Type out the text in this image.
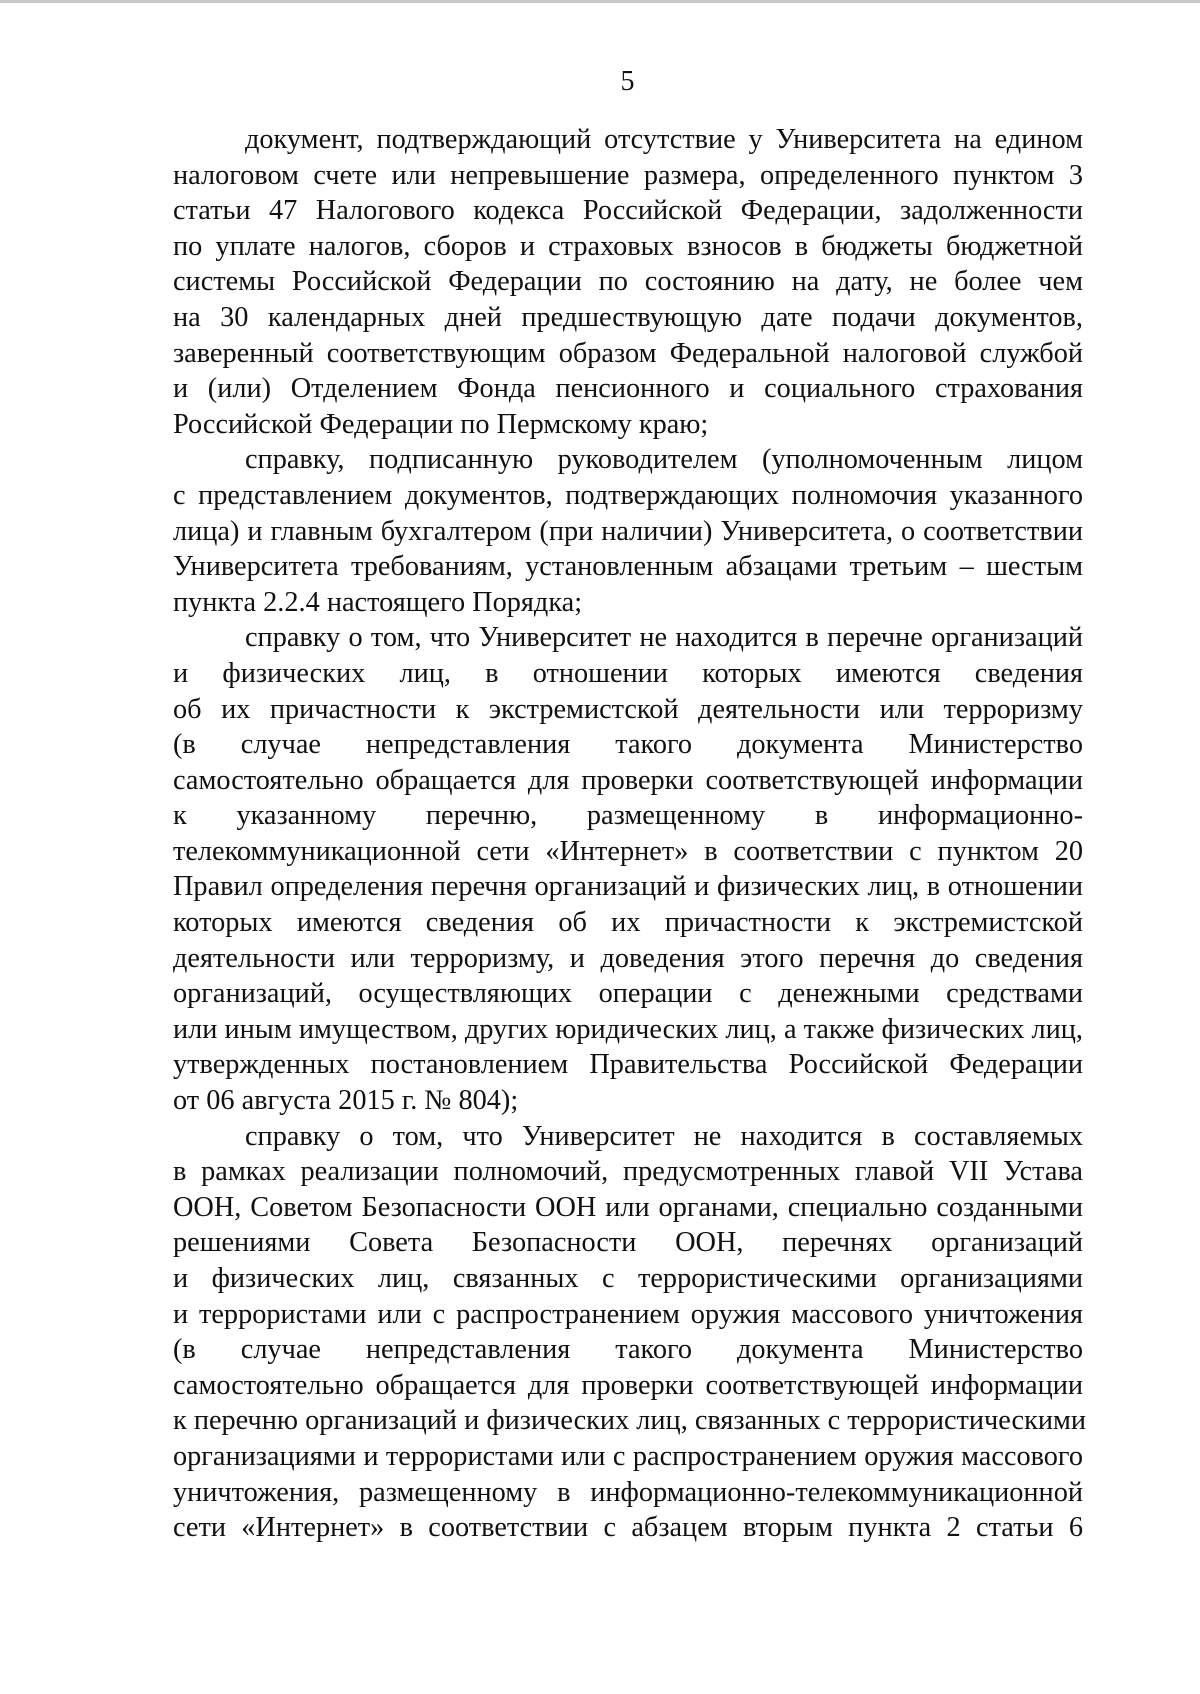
5

документ, подтверждающий отсутствие у Университета на едином
налоговом счете или непревышение размера, определенного пунктом 3
статьи 47 Налогового кодекса Российской Федерации, задолженности
по уплате налогов, сборов и страховых взносов в бюджеты бюджетной
системы Российской Федерации по состоянию на дату, не более чем
на 30 календарных дней предшествующую дате подачи документов,
заверенный соответствующим образом Федеральной налоговой службой
и (или) Отделением Фонда пенсионного и социального страхования
Российской Федерации по Пермскому краю;

справку, подписанную руководителем (уполномоченным лицом
с представлением документов, подтверждающих полномочия указанного
лица) и главным бухгалтером (при наличии) Университета, о соответствии
Университета требованиям, установленным абзацами третьим – шестым
пункта 2.2.4 настоящего Порядка;

справку о том, что Университет не находится в перечне организаций
и физических лиц, в отношении которых имеются сведения
об их причастности к экстремистской деятельности или терроризму
(в случае непредставления такого документа Министерство
самостоятельно обращается для проверки соответствующей информации
к указанному перечню, размещенному в информационно-
телекоммуникационной сети «Интернет» в соответствии с пунктом 20
Правил определения перечня организаций и физических лиц, в отношении
которых имеются сведения об их причастности к экстремистской
деятельности или терроризму, и доведения этого перечня до сведения
организаций, осуществляющих операции с денежными средствами
или иным имуществом, других юридических лиц, а также физических лиц,
утвержденных постановлением Правительства Российской Федерации
от 06 августа 2015 г. № 804);

справку о том, что Университет не находится в составляемых
в рамках реализации полномочий, предусмотренных главой VII Устава
ООН, Советом Безопасности ООН или органами, специально созданными
решениями Совета Безопасности ООН, перечнях организаций
и физических лиц, связанных с террористическими организациями
и террористами или с распространением оружия массового уничтожения
(в случае непредставления такого документа Министерство
самостоятельно обращается для проверки соответствующей информации
к перечню организаций и физических лиц, связанных с террористическими
организациями и террористами или с распространением оружия массового
уничтожения, размещенному в информационно-телекоммуникационной
сети «Интернет» в соответствии с абзацем вторым пункта 2 статьи 6
